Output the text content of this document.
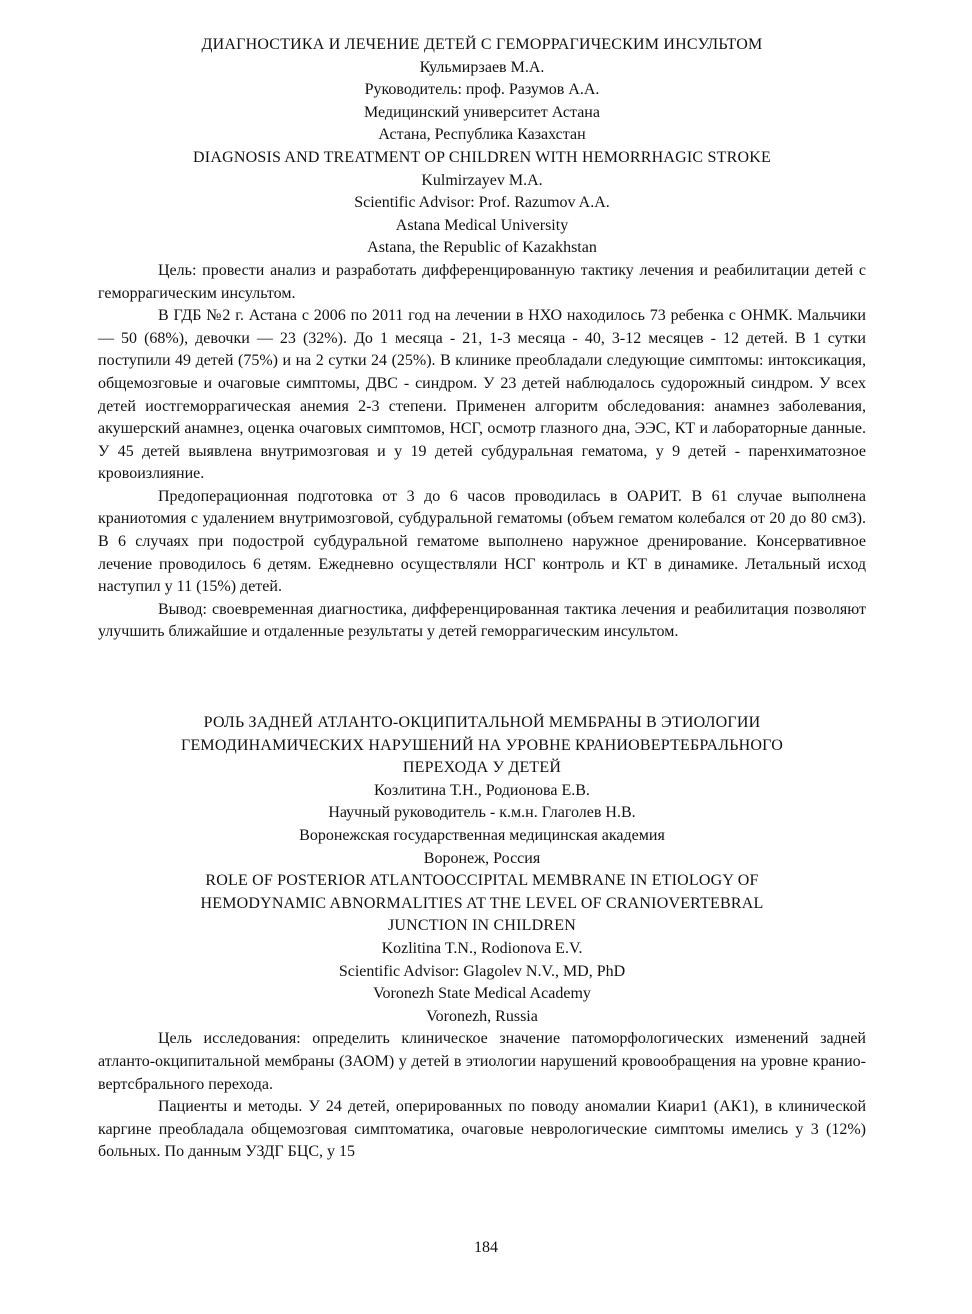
ДИАГНОСТИКА И ЛЕЧЕНИЕ ДЕТЕЙ С ГЕМОРРАГИЧЕСКИМ ИНСУЛЬТОМ
Кульмирзаев М.А.
Руководитель: проф. Разумов А.А.
Медицинский университет Астана
Астана, Республика Казахстан
DIAGNOSIS AND TREATMENT OP CHILDREN WITH HEMORRHAGIC STROKE
Kulmirzayev M.A.
Scientific Advisor: Prof. Razumov A.A.
Astana Medical University
Astana, the Republic of Kazakhstan

Цель: провести анализ и разработать дифференцированную тактику лечения и реабилитации детей с геморрагическим инсультом.

В ГДБ №2 г. Астана с 2006 по 2011 год на лечении в НХО находилось 73 ребенка с ОНМК. Мальчики — 50 (68%), девочки — 23 (32%). До 1 месяца - 21, 1-3 месяца - 40, 3-12 месяцев - 12 детей. В 1 сутки поступили 49 детей (75%) и на 2 сутки 24 (25%). В клинике преобладали следующие симптомы: интоксикация, общемозговые и очаговые симптомы, ДВС - синдром. У 23 детей наблюдалось судорожный синдром. У всех детей иостгеморрагическая анемия 2-3 степени. Применен алгоритм обследования: анамнез заболевания, акушерский анамнез, оценка очаговых симптомов, НСГ, осмотр глазного дна, ЭЭС, КТ и лабораторные данные. У 45 детей выявлена внутримозговая и у 19 детей субдуральная гематома, у 9 детей - паренхиматозное кровоизлияние.

Предоперационная подготовка от 3 до 6 часов проводилась в ОАРИТ. В 61 случае выполнена краниотомия с удалением внутримозговой, субдуральной гематомы (объем гематом колебался от 20 до 80 см3). В 6 случаях при подострой субдуральной гематоме выполнено наружное дренирование. Консервативное лечение проводилось 6 детям. Ежедневно осуществляли НСГ контроль и КТ в динамике. Летальный исход наступил у 11 (15%) детей.

Вывод: своевременная диагностика, дифференцированная тактика лечения и реабилитация позволяют улучшить ближайшие и отдаленные результаты у детей геморрагическим инсультом.

РОЛЬ ЗАДНЕЙ АТЛАНТО-ОКЦИПИТАЛЬНОЙ МЕМБРАНЫ В ЭТИОЛОГИИ
ГЕМОДИНАМИЧЕСКИХ НАРУШЕНИЙ НА УРОВНЕ КРАНИОВЕРТЕБРАЛЬНОГО
ПЕРЕХОДА У ДЕТЕЙ
Козлитина Т.Н., Родионова Е.В.
Научный руководитель - к.м.н. Глаголев Н.В.
Воронежская государственная медицинская академия
Воронеж, Россия
ROLE OF POSTERIOR ATLANTOOCCIPITAL MEMBRANE IN ETIOLOGY OF
HEMODYNAMIC ABNORMALITIES AT THE LEVEL OF CRANIOVERTEBRAL
JUNCTION IN CHILDREN
Kozlitina T.N., Rodionova E.V.
Scientific Advisor: Glagolev N.V., MD, PhD
Voronezh State Medical Academy
Voronezh, Russia

Цель исследования: определить клиническое значение патоморфологических изменений задней атланто-окципитальной мембраны (ЗАОМ) у детей в этиологии нарушений кровообращения на уровне кранио-вертсбрального перехода.

Пациенты и методы. У 24 детей, оперированных по поводу аномалии Киари1 (АК1), в клинической каргине преобладала общемозговая симптоматика, очаговые неврологические симптомы имелись у 3 (12%) больных. По данным УЗДГ БЦС, у 15

184
